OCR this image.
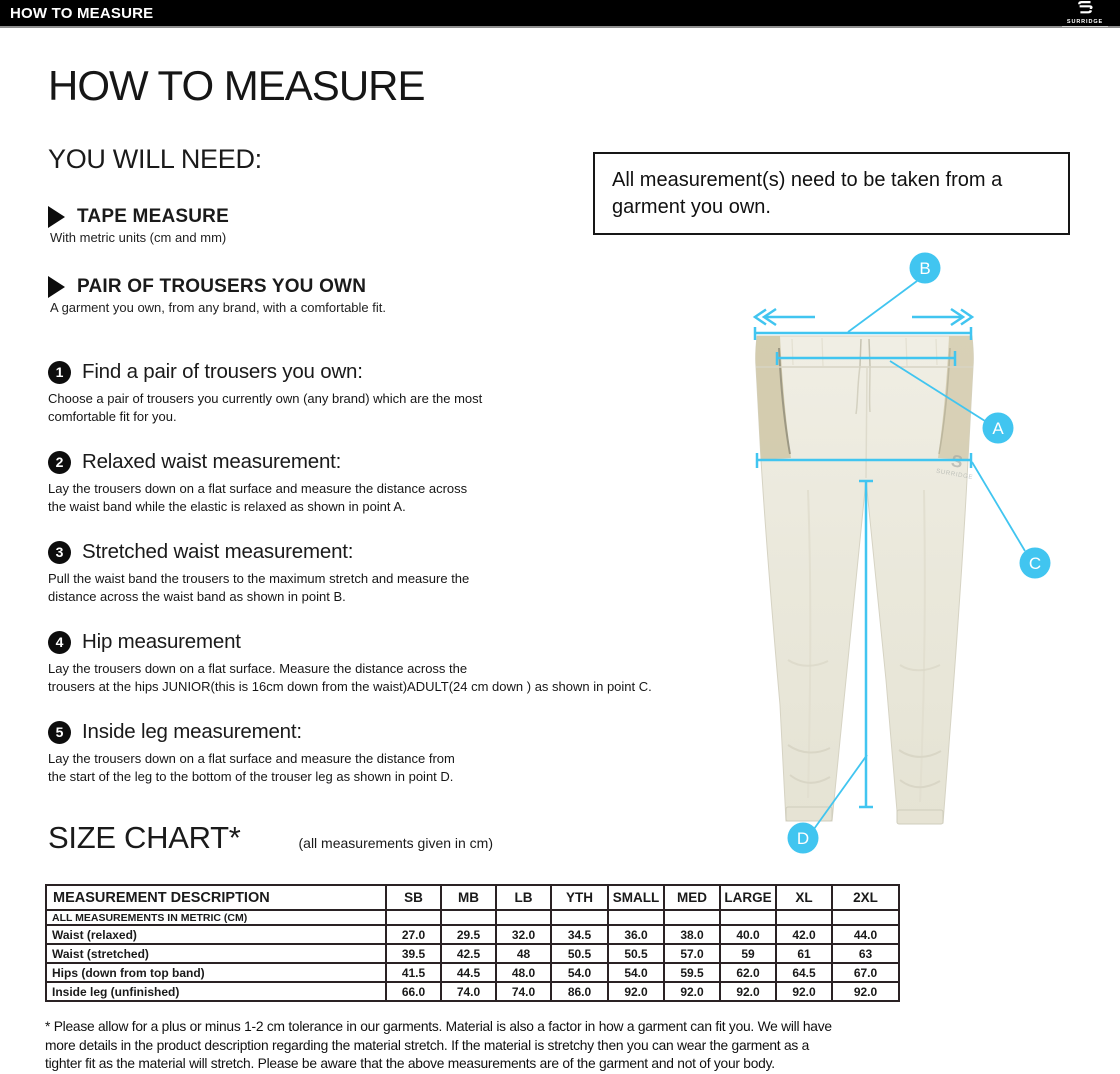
HOW TO MEASURE	SURRIDGE
HOW TO MEASURE
YOU WILL NEED:
TAPE MEASURE
With metric units (cm and mm)
PAIR OF TROUSERS YOU OWN
A garment you own, from any brand, with a comfortable fit.
All measurement(s) need to be taken from a garment you own.
1 Find a pair of trousers you own:
Choose a pair of trousers you currently own (any brand) which are the most
comfortable fit for you.
2 Relaxed waist measurement:
Lay the trousers down on a flat surface and measure the distance across
the waist band while the elastic is relaxed as shown in point A.
3 Stretched waist measurement:
Pull the waist band the trousers to the maximum stretch and measure the
distance across the waist band as shown in point B.
4 Hip measurement
Lay the trousers down on a flat surface. Measure the distance across the
trousers at the hips JUNIOR(this is 16cm down from the waist)ADULT(24 cm down ) as shown in point C.
5 Inside leg measurement:
Lay the trousers down on a flat surface and measure the distance from
the start of the leg to the bottom of the trouser leg as shown in point D.
S
SURRIDGE
B
A
C
D
SIZE CHART*	(all measurements given in cm)
MEASUREMENT DESCRIPTION	SB	MB	LB	YTH	SMALL	MED	LARGE	XL	2XL
ALL MEASUREMENTS IN METRIC (CM)									
Waist (relaxed)	27.0	29.5	32.0	34.5	36.0	38.0	40.0	42.0	44.0
Waist (stretched)	39.5	42.5	48	50.5	50.5	57.0	59	61	63
Hips (down from top band)	41.5	44.5	48.0	54.0	54.0	59.5	62.0	64.5	67.0
Inside leg (unfinished)	66.0	74.0	74.0	86.0	92.0	92.0	92.0	92.0	92.0
* Please allow for a plus or minus 1-2 cm tolerance in our garments. Material is also a factor in how a garment can fit you. We will have
more details in the product description regarding the material stretch. If the material is stretchy then you can wear the garment as a
tighter fit as the material will stretch. Please be aware that the above measurements are of the garment and not of your body.
